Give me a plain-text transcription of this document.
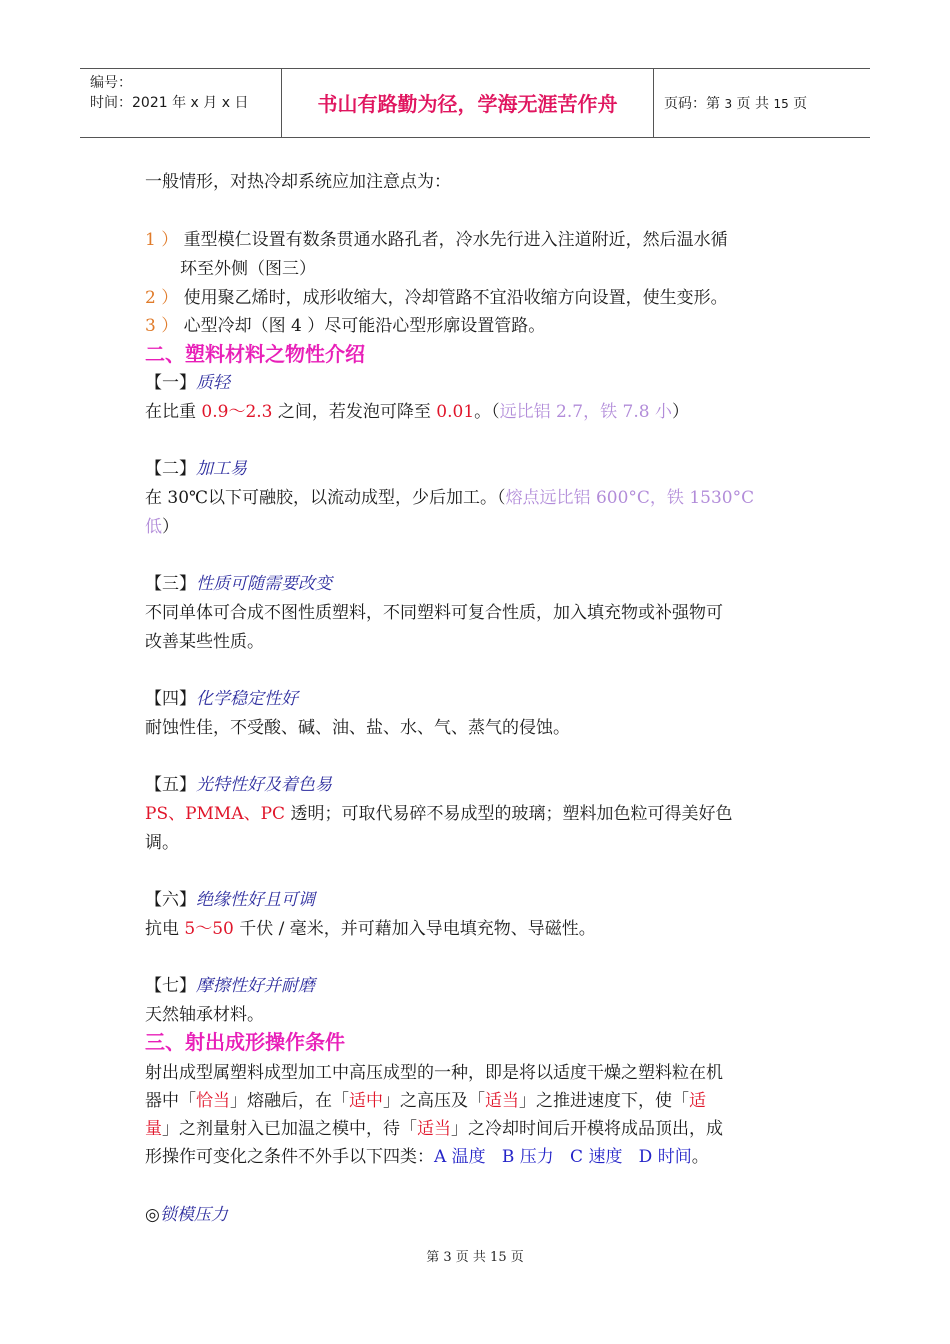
编号：
时间：2021 年 x 月 x 日	书山有路勤为径，学海无涯苦作舟	页码：第 3 页 共 15 页
一般情形，对热冷却系统应加注意点为：
1 ） 重型模仁设置有数条贯通水路孔者，冷水先行进入注道附近，然后温水循
环至外侧（图三）
2 ） 使用聚乙烯时，成形收缩大，冷却管路不宜沿收缩方向设置，使生变形。
3 ） 心型冷却（图 4 ）尽可能沿心型形廓设置管路。
二、塑料材料之物性介绍
【一】质轻
在比重 0.9～2.3 之间，若发泡可降至 0.01。（远比铝 2.7，铁 7.8 小）
【二】加工易
在 30℃以下可融胶，以流动成型，少后加工。（熔点远比铝 600°C，铁 1530°C
低）
【三】性质可随需要改变
不同单体可合成不图性质塑料，不同塑料可复合性质，加入填充物或补强物可
改善某些性质。
【四】化学稳定性好
耐蚀性佳，不受酸、碱、油、盐、水、气、蒸气的侵蚀。
【五】光特性好及着色易
PS、PMMA、PC 透明；可取代易碎不易成型的玻璃；塑料加色粒可得美好色
调。
【六】绝缘性好且可调
抗电 5～50 千伏 / 毫米，并可藉加入导电填充物、导磁性。
【七】摩擦性好并耐磨
天然轴承材料。
三、射出成形操作条件
射出成型属塑料成型加工中高压成型的一种，即是将以适度干燥之塑料粒在机
器中「恰当」熔融后，在「适中」之高压及「适当」之推进速度下，使「适
量」之剂量射入已加温之模中，待「适当」之冷却时间后开模将成品顶出，成
形操作可变化之条件不外手以下四类：A 温度 B 压力 C 速度 D 时间。
◎锁模压力
第 3 页 共 15 页
